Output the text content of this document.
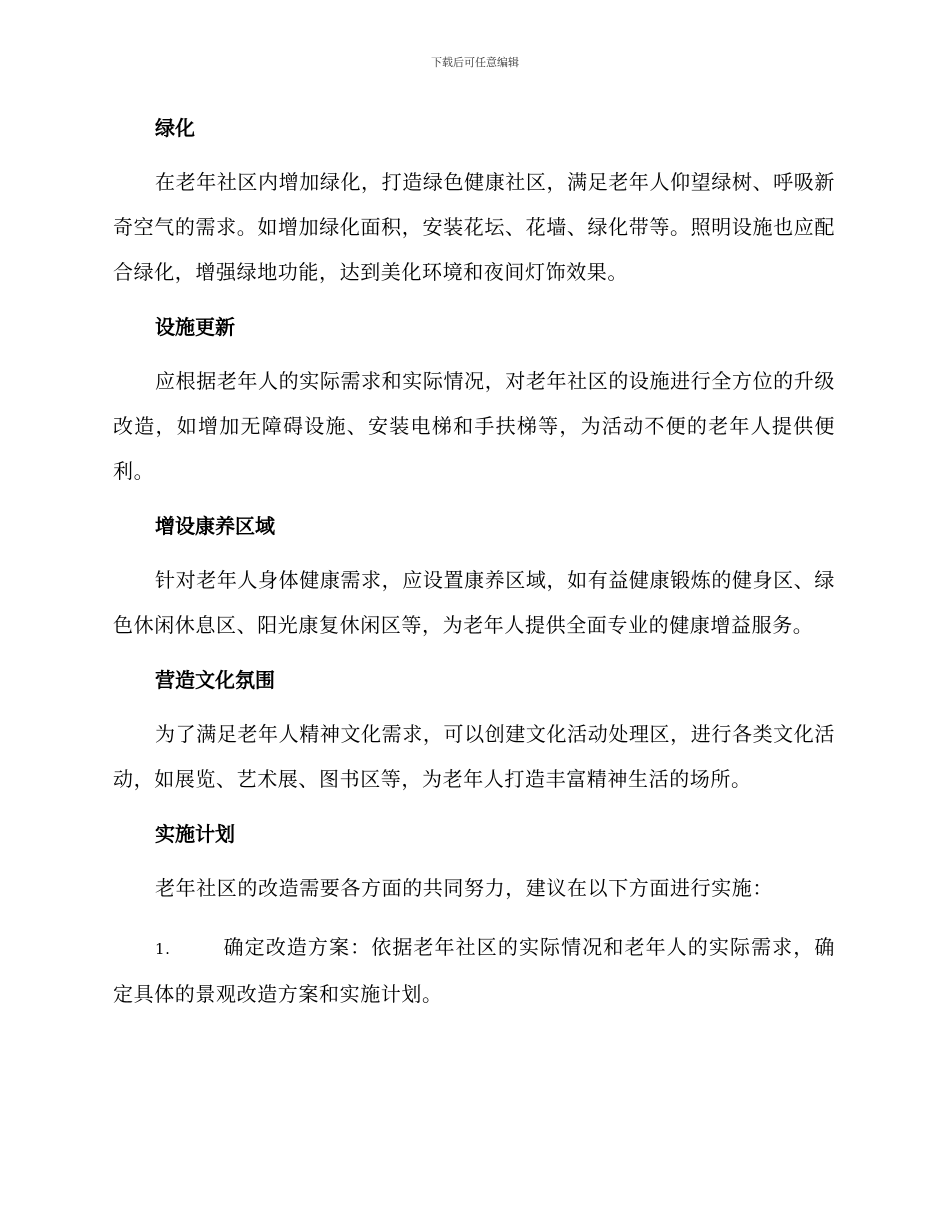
下载后可任意编辑
绿化
在老年社区内增加绿化，打造绿色健康社区，满足老年人仰望绿树、呼吸新奇空气的需求。如增加绿化面积，安装花坛、花墙、绿化带等。照明设施也应配合绿化，增强绿地功能，达到美化环境和夜间灯饰效果。
设施更新
应根据老年人的实际需求和实际情况，对老年社区的设施进行全方位的升级改造，如增加无障碍设施、安装电梯和手扶梯等，为活动不便的老年人提供便利。
增设康养区域
针对老年人身体健康需求，应设置康养区域，如有益健康锻炼的健身区、绿色休闲休息区、阳光康复休闲区等，为老年人提供全面专业的健康增益服务。
营造文化氛围
为了满足老年人精神文化需求，可以创建文化活动处理区，进行各类文化活动，如展览、艺术展、图书区等，为老年人打造丰富精神生活的场所。
实施计划
老年社区的改造需要各方面的共同努力，建议在以下方面进行实施：
1.	确定改造方案：依据老年社区的实际情况和老年人的实际需求，确定具体的景观改造方案和实施计划。
